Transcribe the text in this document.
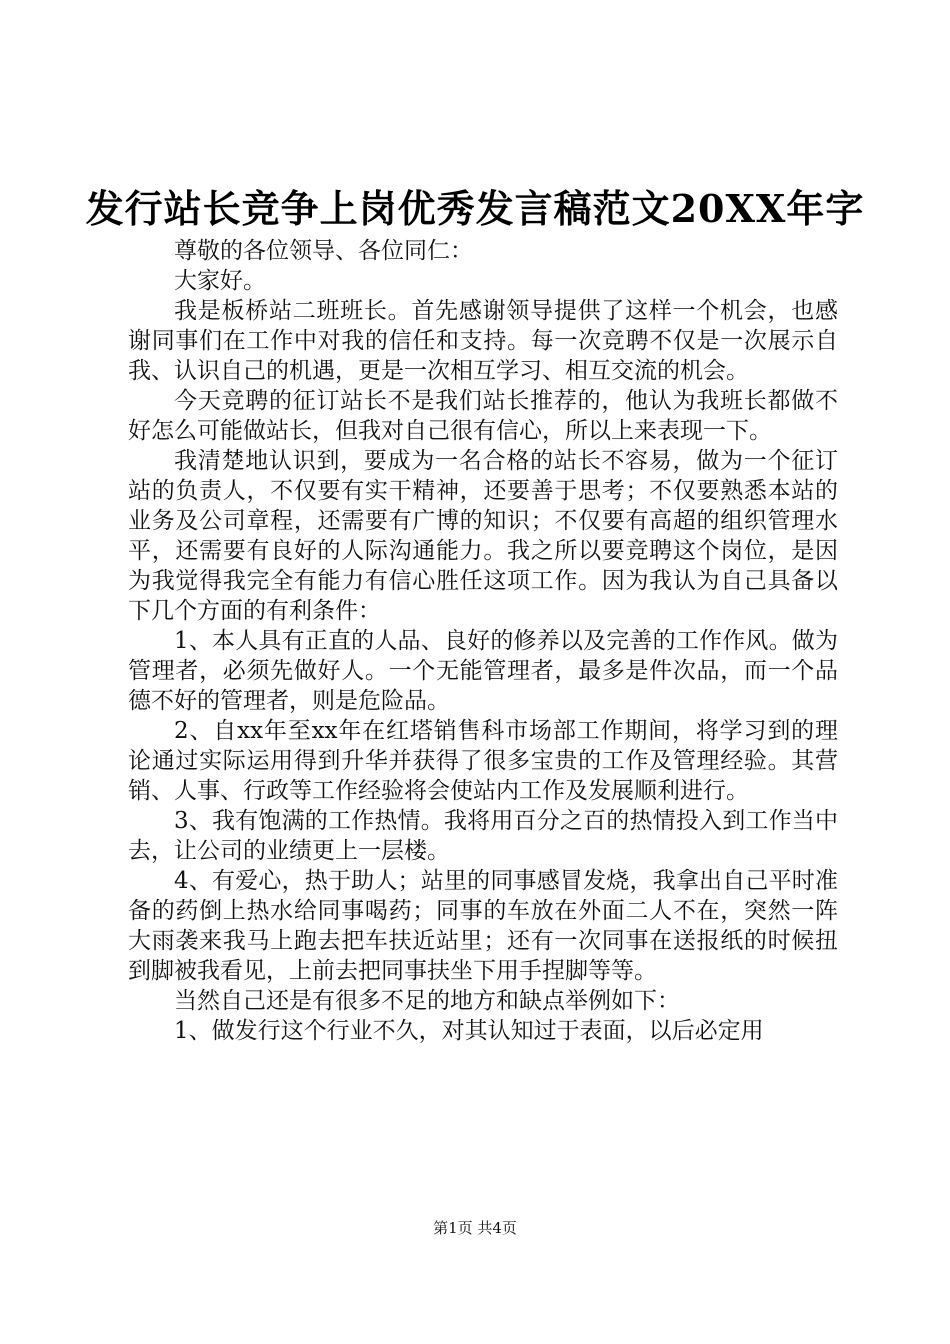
发行站长竞争上岗优秀发言稿范文20XX年字

尊敬的各位领导、各位同仁：

大家好。

我是板桥站二班班长。首先感谢领导提供了这样一个机会，也感谢同事们在工作中对我的信任和支持。每一次竞聘不仅是一次展示自我、认识自己的机遇，更是一次相互学习、相互交流的机会。

今天竞聘的征订站长不是我们站长推荐的，他认为我班长都做不好怎么可能做站长，但我对自己很有信心，所以上来表现一下。

我清楚地认识到，要成为一名合格的站长不容易，做为一个征订站的负责人，不仅要有实干精神，还要善于思考；不仅要熟悉本站的业务及公司章程，还需要有广博的知识；不仅要有高超的组织管理水平，还需要有良好的人际沟通能力。我之所以要竞聘这个岗位，是因为我觉得我完全有能力有信心胜任这项工作。因为我认为自己具备以下几个方面的有利条件：

1、本人具有正直的人品、良好的修养以及完善的工作作风。做为管理者，必须先做好人。一个无能管理者，最多是件次品，而一个品德不好的管理者，则是危险品。

2、自xx年至xx年在红塔销售科市场部工作期间，将学习到的理论通过实际运用得到升华并获得了很多宝贵的工作及管理经验。其营销、人事、行政等工作经验将会使站内工作及发展顺利进行。

3、我有饱满的工作热情。我将用百分之百的热情投入到工作当中去，让公司的业绩更上一层楼。

4、有爱心，热于助人；站里的同事感冒发烧，我拿出自己平时准备的药倒上热水给同事喝药；同事的车放在外面二人不在，突然一阵大雨袭来我马上跑去把车扶近站里；还有一次同事在送报纸的时候扭到脚被我看见，上前去把同事扶坐下用手捏脚等等。

当然自己还是有很多不足的地方和缺点举例如下：

1、做发行这个行业不久，对其认知过于表面，以后必定用

第1页 共4页
